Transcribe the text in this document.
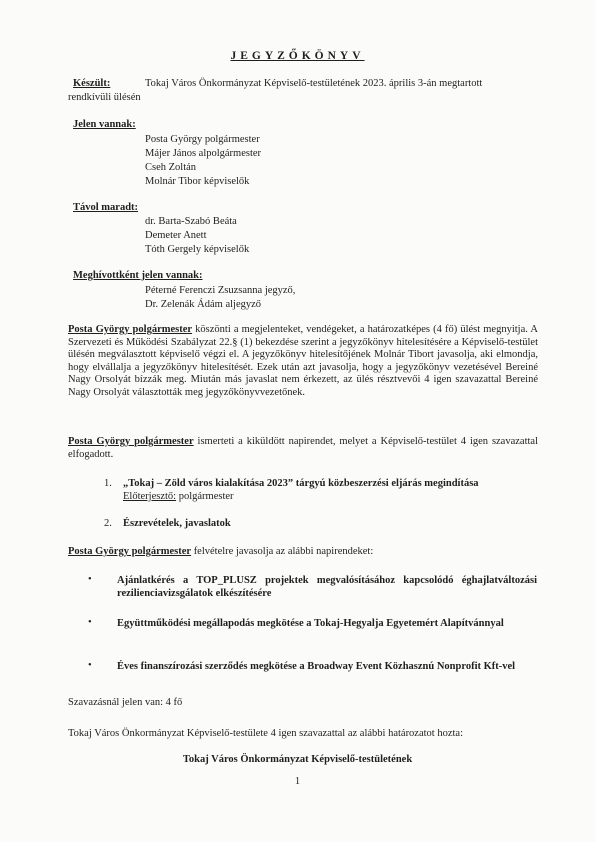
JEGYZŐKÖNYV
Készült:	Tokaj Város Önkormányzat Képviselő-testületének 2023. április 3-án megtartott
rendkívüli ülésén
Jelen vannak:
Posta György polgármester
Májer János alpolgármester
Cseh Zoltán
Molnár Tibor képviselők
Távol maradt:
dr. Barta-Szabó Beáta
Demeter Anett
Tóth Gergely képviselők
Meghívottként jelen vannak:
Péterné Ferenczi Zsuzsanna jegyző,
Dr. Zelenák Ádám aljegyző
Posta György polgármester köszönti a megjelenteket, vendégeket, a határozatképes (4 fő) ülést megnyitja. A Szervezeti és Működési Szabályzat 22.§ (1) bekezdése szerint a jegyzőkönyv hitelesítésére a Képviselő-testület ülésén megválasztott képviselő végzi el. A jegyzőkönyv hitelesítőjének Molnár Tibort javasolja, aki elmondja, hogy elvállalja a jegyzőkönyv hitelesítését. Ezek után azt javasolja, hogy a jegyzőkönyv vezetésével Bereiné Nagy Orsolyát bízzák meg. Miután más javaslat nem érkezett, az ülés résztvevői 4 igen szavazattal Bereiné Nagy Orsolyát választották meg jegyzőkönyvvezetőnek.
Posta György polgármester ismerteti a kiküldött napirendet, melyet a Képviselő-testület 4 igen szavazattal elfogadott.
1. „Tokaj – Zöld város kialakítása 2023” tárgyú közbeszerzési eljárás megindítása
Előterjesztő: polgármester
2. Észrevételek, javaslatok
Posta György polgármester felvételre javasolja az alábbi napirendeket:
• Ajánlatkérés a TOP_PLUSZ projektek megvalósításához kapcsolódó éghajlatváltozási rezilienciavizsgálatok elkészítésére
• Együttműködési megállapodás megkötése a Tokaj-Hegyalja Egyetemért Alapítvánnyal
• Éves finanszírozási szerződés megkötése a Broadway Event Közhasznú Nonprofit Kft-vel
Szavazásnál jelen van: 4 fő
Tokaj Város Önkormányzat Képviselő-testülete 4 igen szavazattal az alábbi határozatot hozta:
Tokaj Város Önkormányzat Képviselő-testületének
1
